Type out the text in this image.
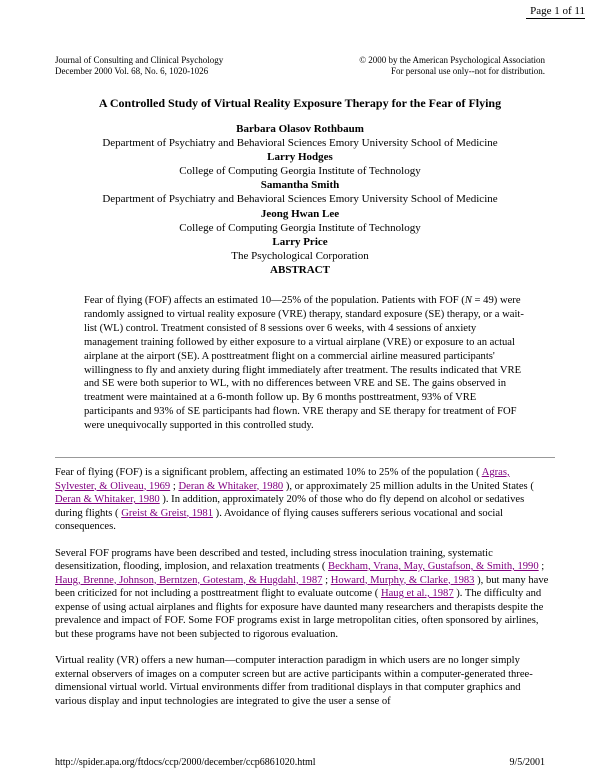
Page 1 of 11
Journal of Consulting and Clinical Psychology
December 2000 Vol. 68, No. 6, 1020-1026
© 2000 by the American Psychological Association
For personal use only--not for distribution.
A Controlled Study of Virtual Reality Exposure Therapy for the Fear of Flying
Barbara Olasov Rothbaum
Department of Psychiatry and Behavioral Sciences Emory University School of Medicine
Larry Hodges
College of Computing Georgia Institute of Technology
Samantha Smith
Department of Psychiatry and Behavioral Sciences Emory University School of Medicine
Jeong Hwan Lee
College of Computing Georgia Institute of Technology
Larry Price
The Psychological Corporation
ABSTRACT
Fear of flying (FOF) affects an estimated 10—25% of the population. Patients with FOF (N = 49) were randomly assigned to virtual reality exposure (VRE) therapy, standard exposure (SE) therapy, or a wait-list (WL) control. Treatment consisted of 8 sessions over 6 weeks, with 4 sessions of anxiety management training followed by either exposure to a virtual airplane (VRE) or exposure to an actual airplane at the airport (SE). A posttreatment flight on a commercial airline measured participants' willingness to fly and anxiety during flight immediately after treatment. The results indicated that VRE and SE were both superior to WL, with no differences between VRE and SE. The gains observed in treatment were maintained at a 6-month follow up. By 6 months posttreatment, 93% of VRE participants and 93% of SE participants had flown. VRE therapy and SE therapy for treatment of FOF were unequivocally supported in this controlled study.

Fear of flying (FOF) is a significant problem, affecting an estimated 10% to 25% of the population ( Agras, Sylvester, & Oliveau, 1969 ; Deran & Whitaker, 1980 ), or approximately 25 million adults in the United States ( Deran & Whitaker, 1980 ). In addition, approximately 20% of those who do fly depend on alcohol or sedatives during flights ( Greist & Greist, 1981 ). Avoidance of flying causes sufferers serious vocational and social consequences.

Several FOF programs have been described and tested, including stress inoculation training, systematic desensitization, flooding, implosion, and relaxation treatments ( Beckham, Vrana, May, Gustafson, & Smith, 1990 ; Haug, Brenne, Johnson, Berntzen, Gotestam, & Hugdahl, 1987 ; Howard, Murphy, & Clarke, 1983 ), but many have been criticized for not including a posttreatment flight to evaluate outcome ( Haug et al., 1987 ). The difficulty and expense of using actual airplanes and flights for exposure have daunted many researchers and therapists despite the prevalence and impact of FOF. Some FOF programs exist in large metropolitan cities, often sponsored by airlines, but these programs have not been subjected to rigorous evaluation.

Virtual reality (VR) offers a new human—computer interaction paradigm in which users are no longer simply external observers of images on a computer screen but are active participants within a computer-generated three-dimensional virtual world. Virtual environments differ from traditional displays in that computer graphics and various display and input technologies are integrated to give the user a sense of

http://spider.apa.org/ftdocs/ccp/2000/december/ccp6861020.html	9/5/2001
